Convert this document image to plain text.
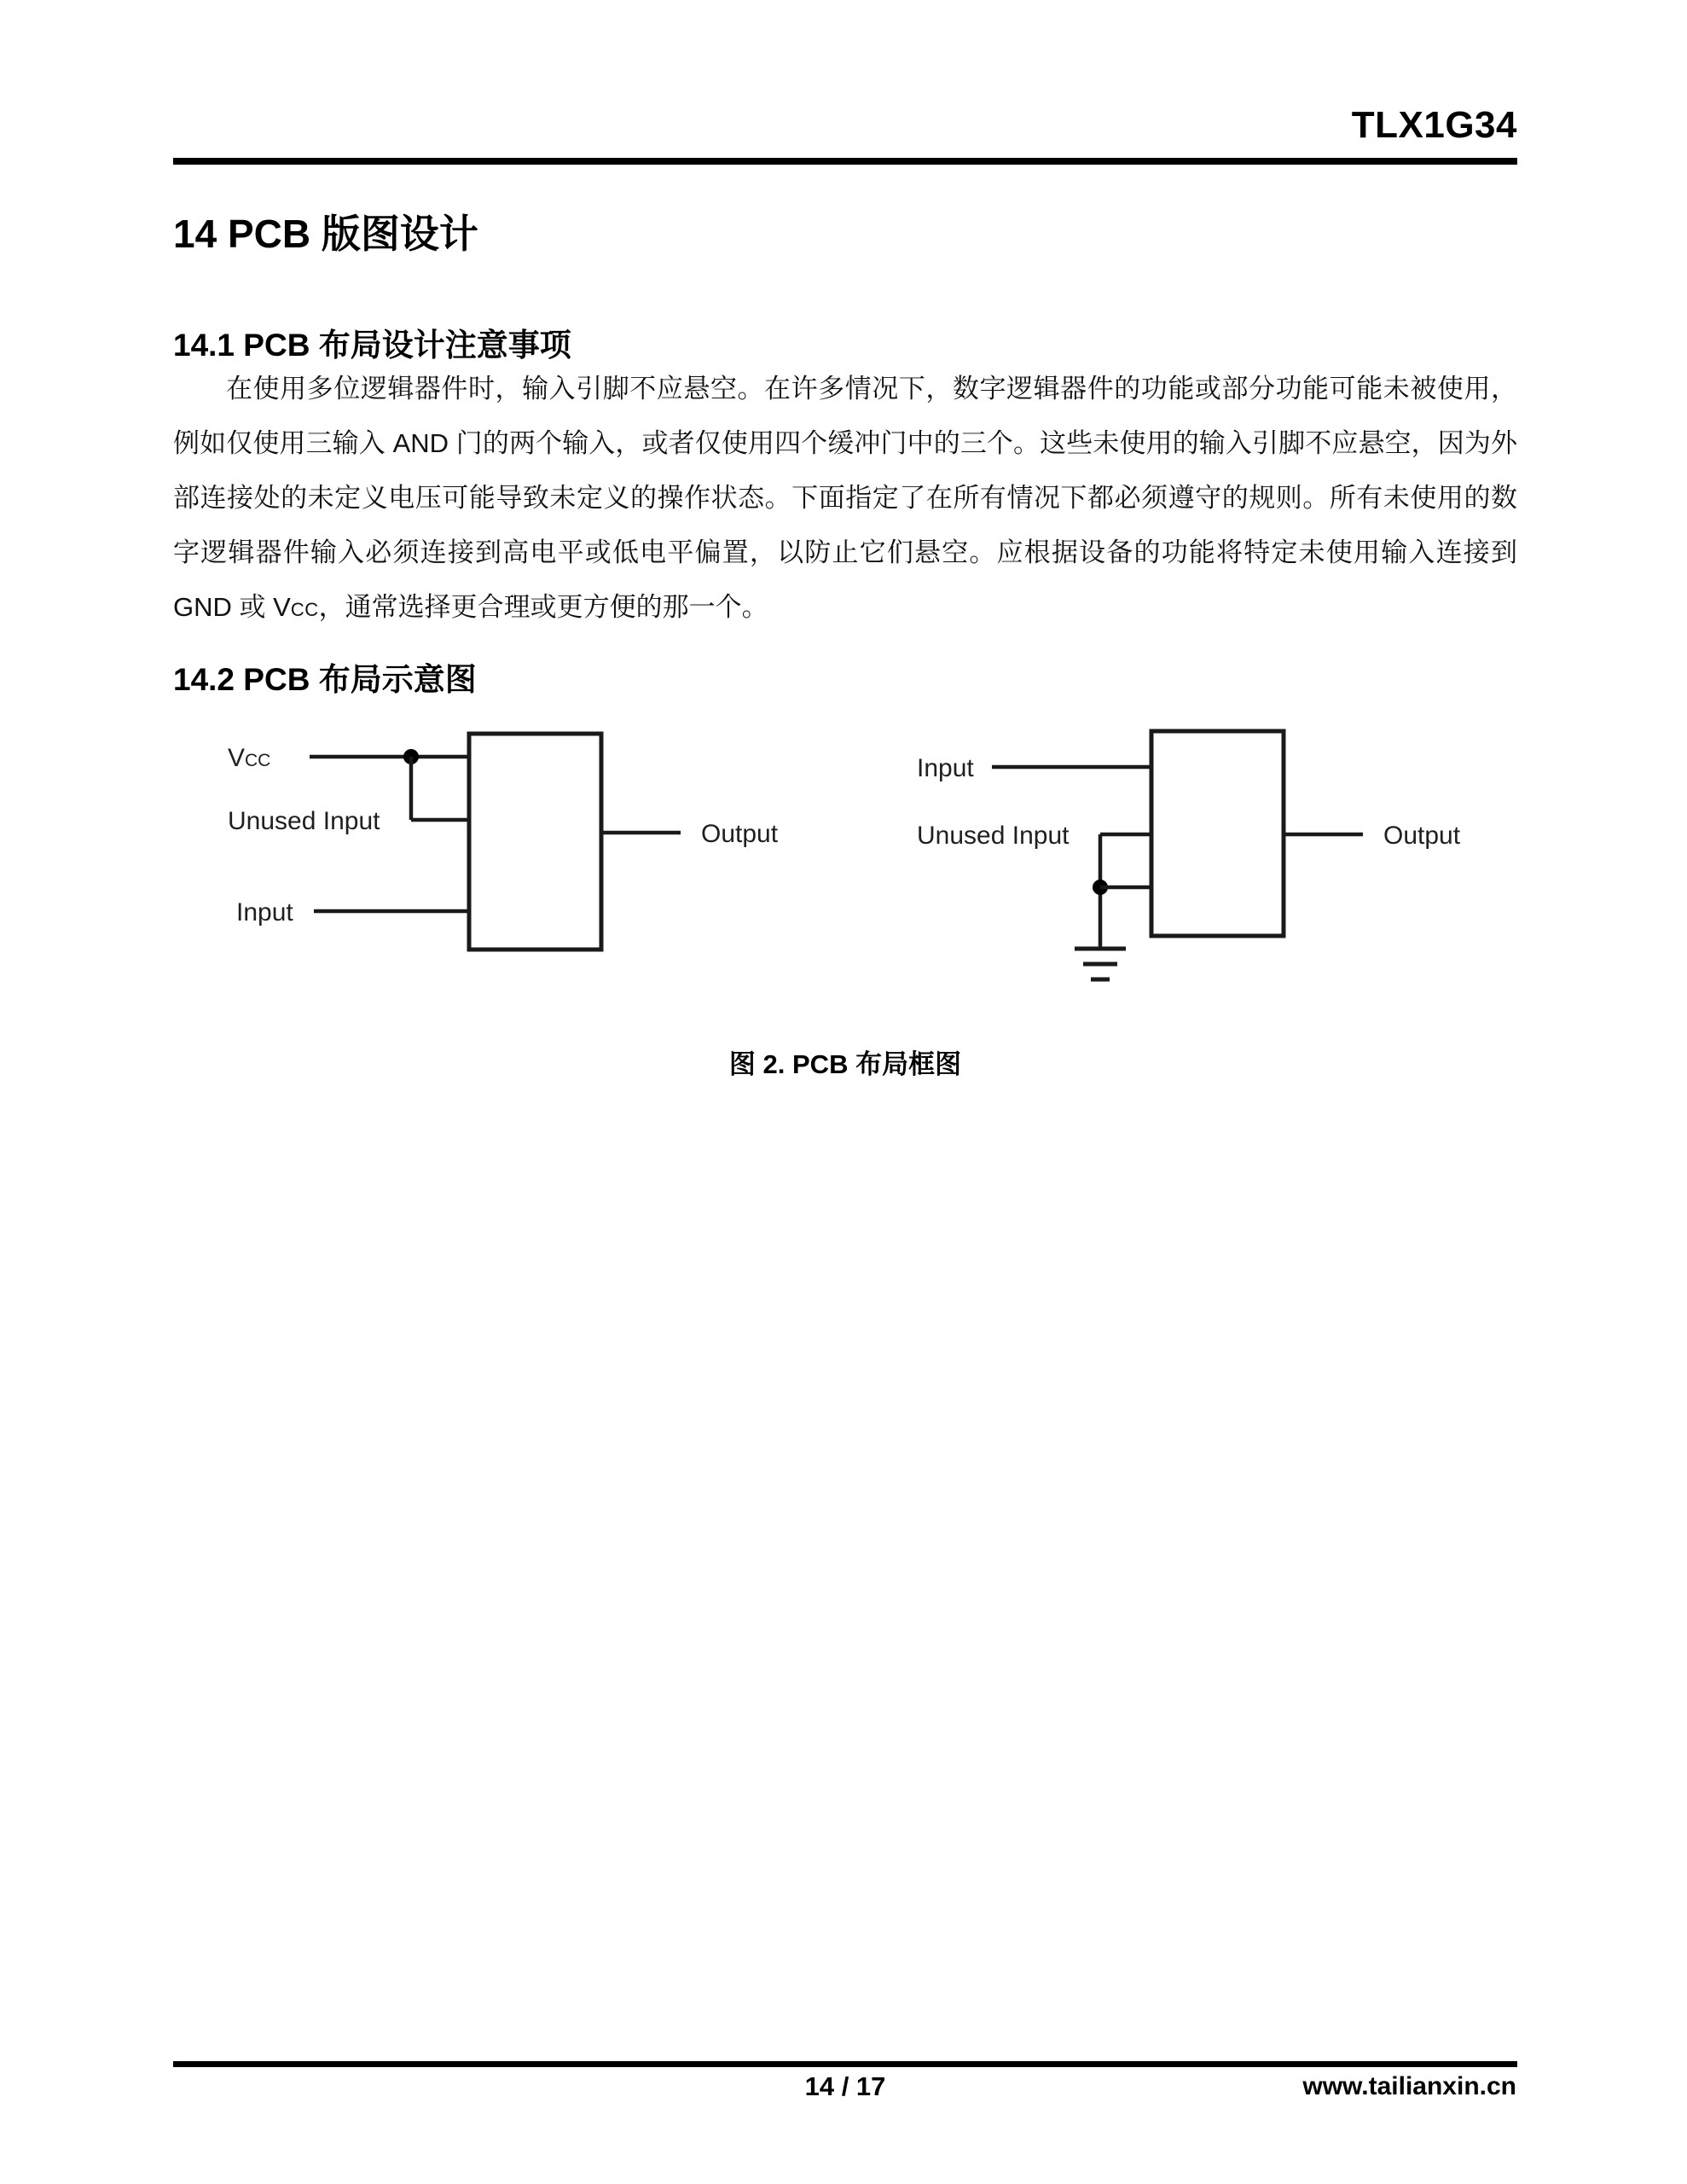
TLX1G34
14 PCB 版图设计
14.1 PCB 布局设计注意事项
在使用多位逻辑器件时，输入引脚不应悬空。在许多情况下，数字逻辑器件的功能或部分功能可能未被使用，例如仅使用三输入 AND 门的两个输入，或者仅使用四个缓冲门中的三个。这些未使用的输入引脚不应悬空，因为外部连接处的未定义电压可能导致未定义的操作状态。下面指定了在所有情况下都必须遵守的规则。所有未使用的数字逻辑器件输入必须连接到高电平或低电平偏置，以防止它们悬空。应根据设备的功能将特定未使用输入连接到 GND 或 VCC，通常选择更合理或更方便的那一个。
14.2 PCB 布局示意图
VCC
Unused Input
Input
Output
Input
Unused Input	Output
图 2. PCB 布局框图
14 / 17	www.tailianxin.cn
